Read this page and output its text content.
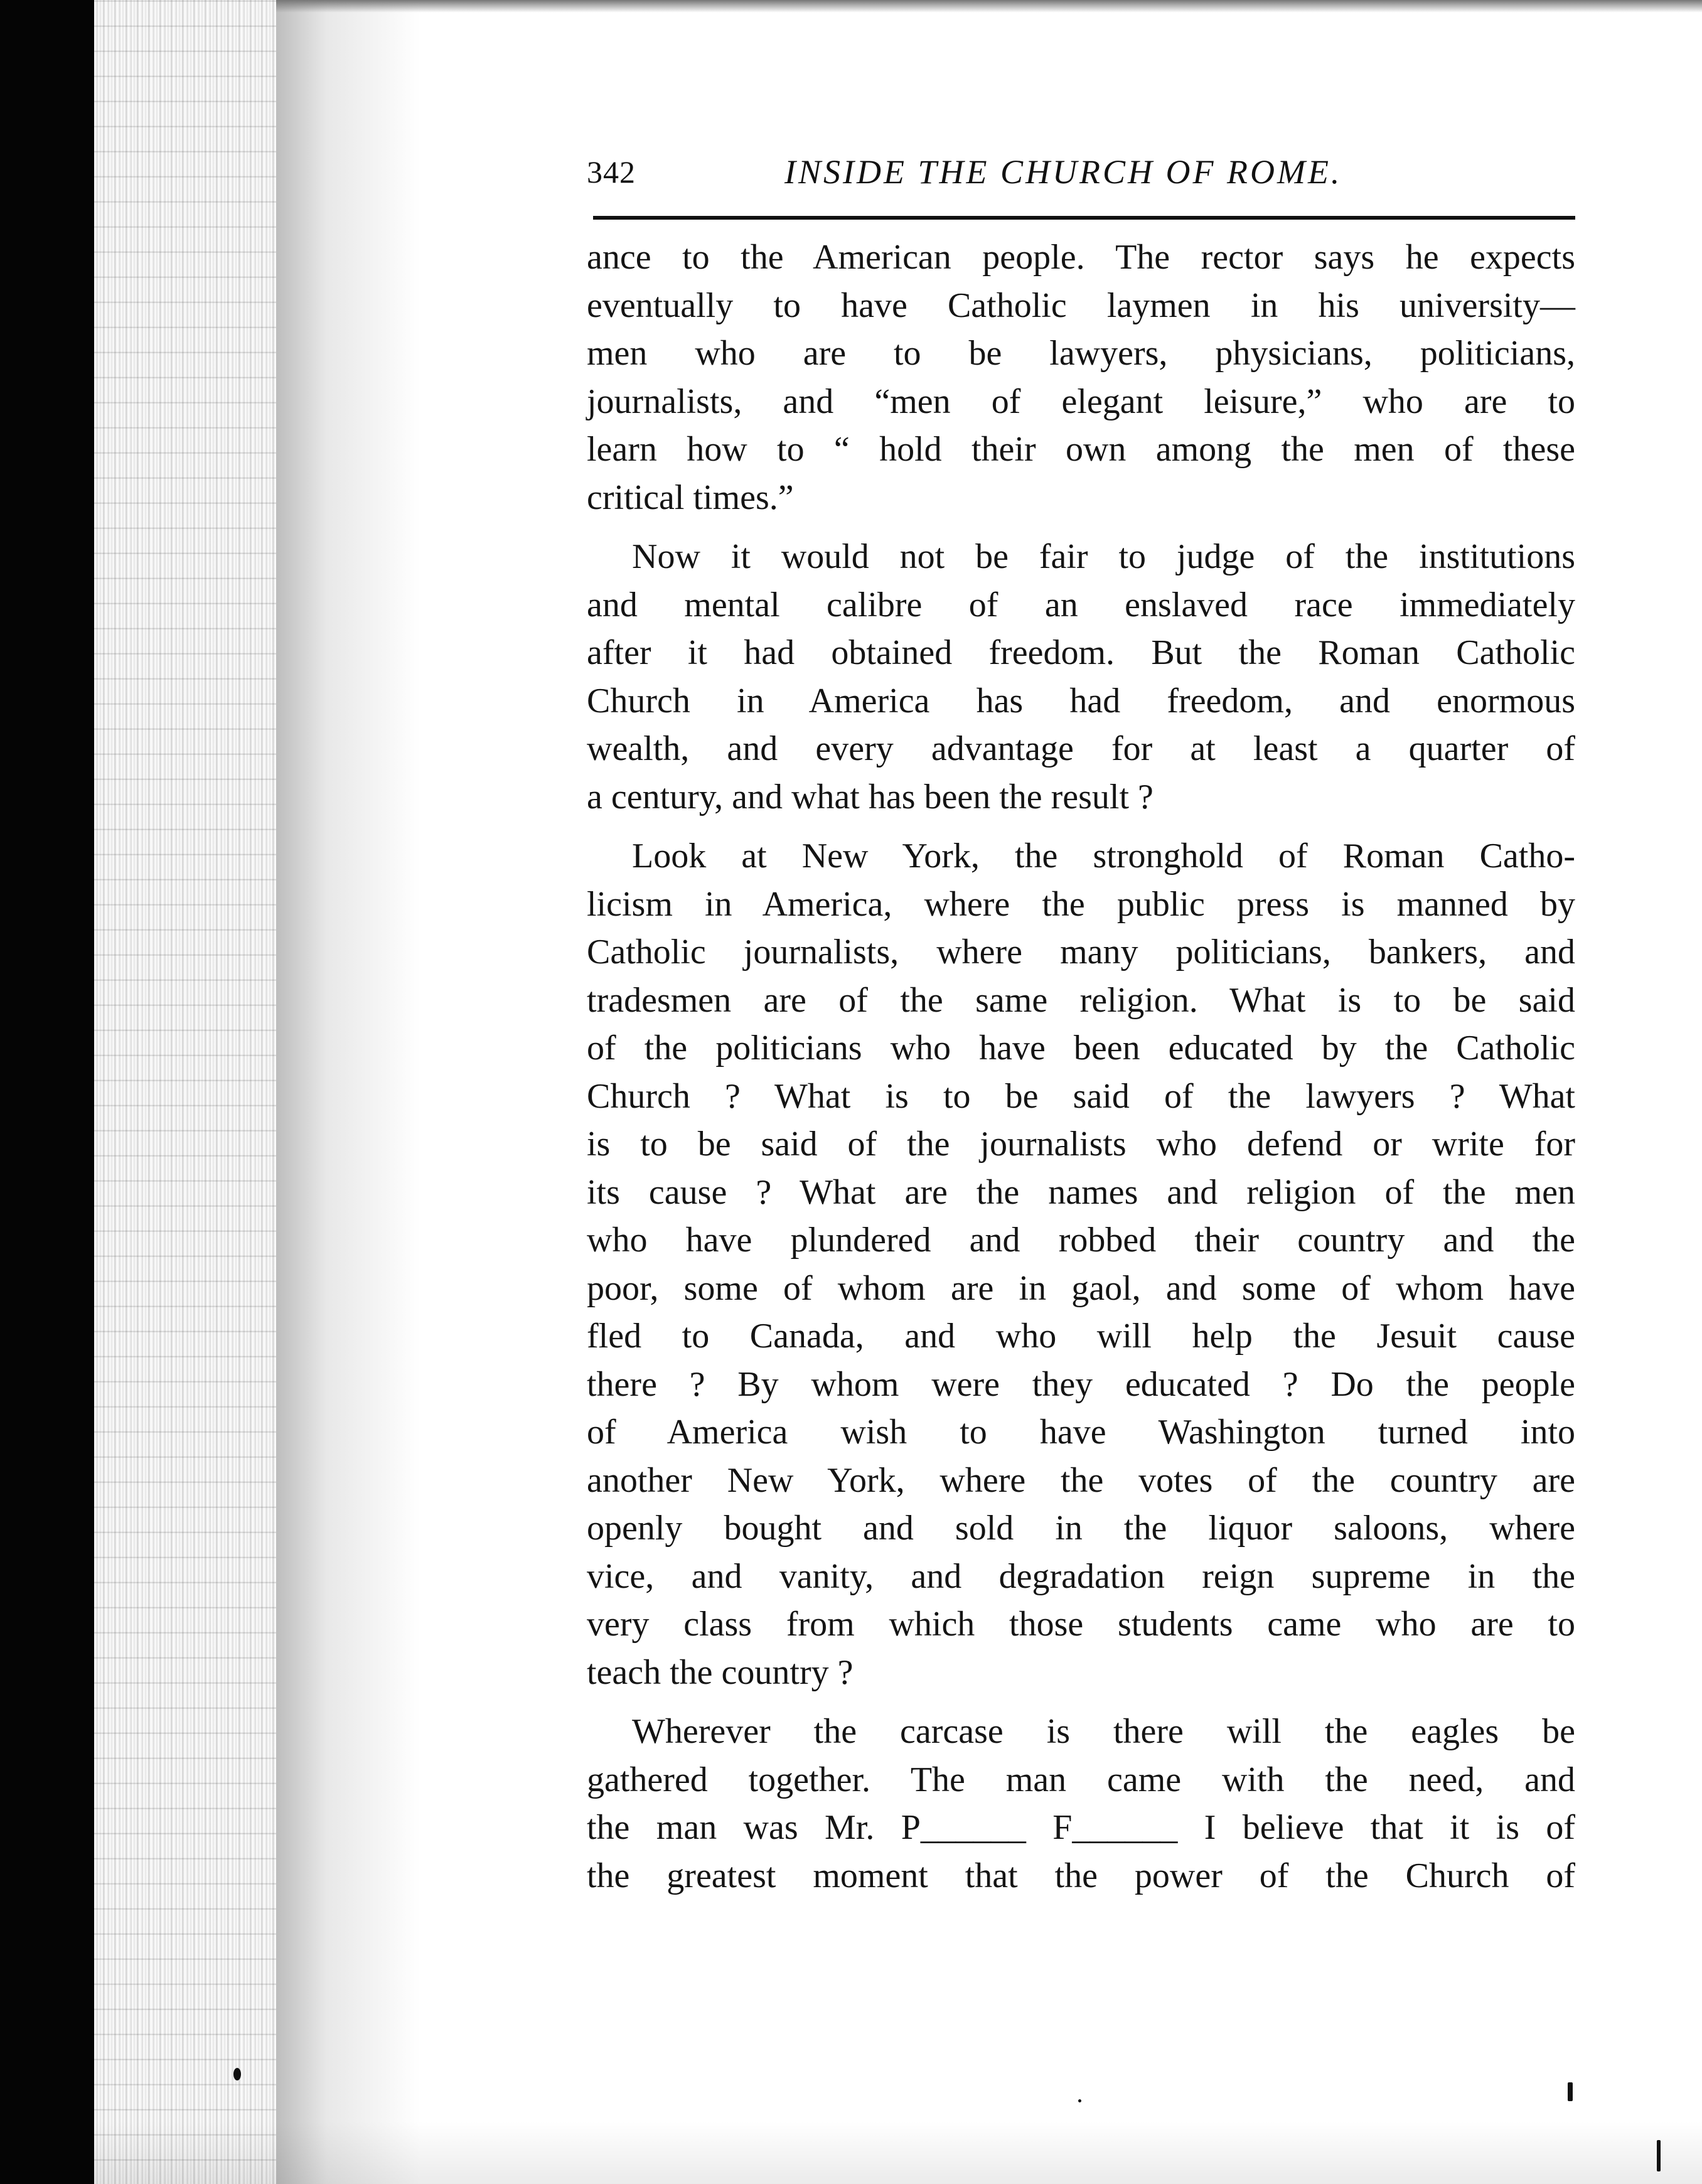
342	INSIDE THE CHURCH OF ROME.
ance to the American people. The rector says he expects
eventually to have Catholic laymen in his university—
men who are to be lawyers, physicians, politicians,
journalists, and “men of elegant leisure,” who are to
learn how to “ hold their own among the men of these
critical times.”
Now it would not be fair to judge of the institutions
and mental calibre of an enslaved race immediately
after it had obtained freedom. But the Roman Catholic
Church in America has had freedom, and enormous
wealth, and every advantage for at least a quarter of
a century, and what has been the result ?
Look at New York, the stronghold of Roman Catho-
licism in America, where the public press is manned by
Catholic journalists, where many politicians, bankers, and
tradesmen are of the same religion. What is to be said
of the politicians who have been educated by the Catholic
Church ? What is to be said of the lawyers ? What
is to be said of the journalists who defend or write for
its cause ? What are the names and religion of the men
who have plundered and robbed their country and the
poor, some of whom are in gaol, and some of whom have
fled to Canada, and who will help the Jesuit cause
there ? By whom were they educated ? Do the people
of America wish to have Washington turned into
another New York, where the votes of the country are
openly bought and sold in the liquor saloons, where
vice, and vanity, and degradation reign supreme in the
very class from which those students came who are to
teach the country ?
Wherever the carcase is there will the eagles be
gathered together. The man came with the need, and
the man was Mr. P______ F______ I believe that it is of
the greatest moment that the power of the Church of
